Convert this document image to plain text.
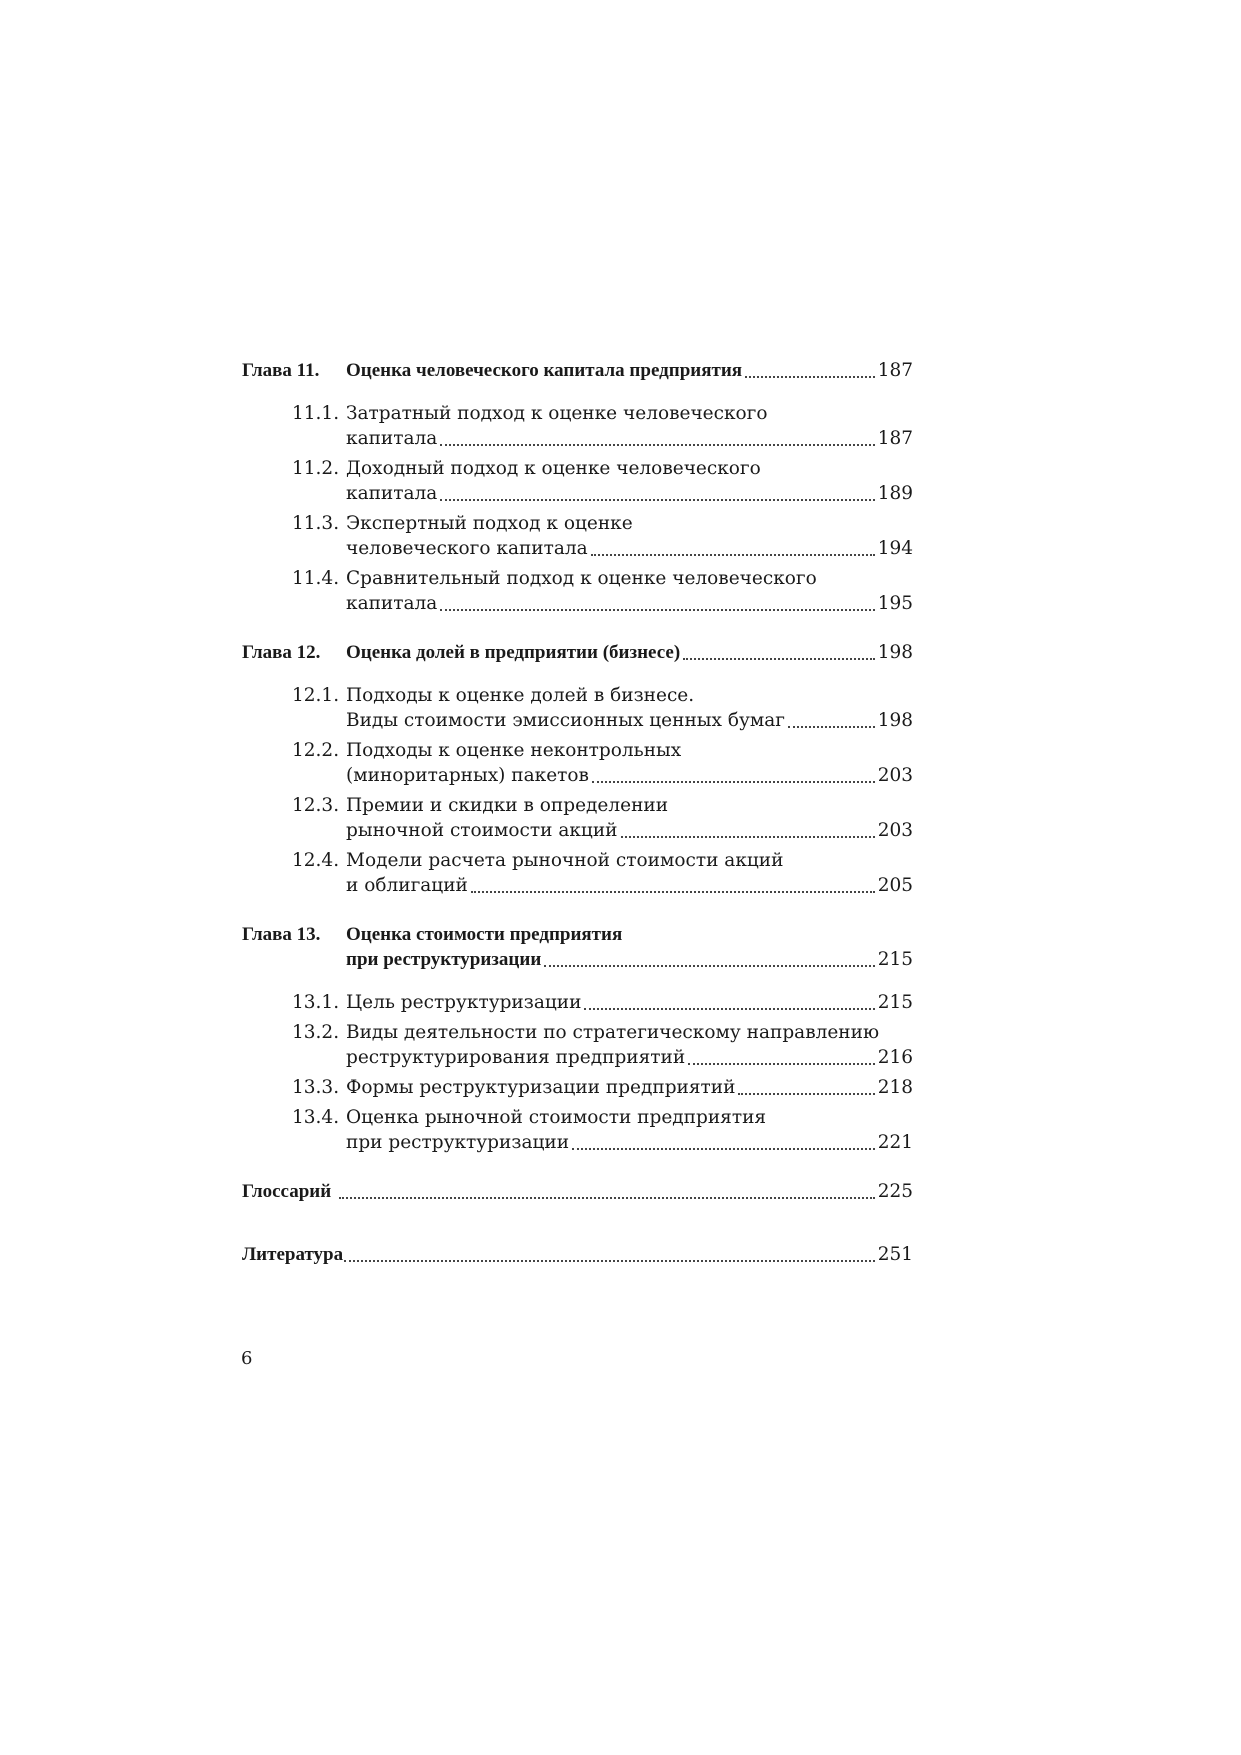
Глава 11. Оценка человеческого капитала предприятия	187
11.1. Затратный подход к оценке человеческого
капитала	187
11.2. Доходный подход к оценке человеческого
капитала	189
11.3. Экспертный подход к оценке
человеческого капитала	194
11.4. Сравнительный подход к оценке человеческого
капитала	195
Глава 12. Оценка долей в предприятии (бизнесе)	198
12.1. Подходы к оценке долей в бизнесе.
Виды стоимости эмиссионных ценных бумаг	198
12.2. Подходы к оценке неконтрольных
(миноритарных) пакетов	203
12.3. Премии и скидки в определении
рыночной стоимости акций	203
12.4. Модели расчета рыночной стоимости акций
и облигаций	205
Глава 13. Оценка стоимости предприятия
при реструктуризации	215
13.1. Цель реструктуризации	215
13.2. Виды деятельности по стратегическому направлению
реструктурирования предприятий	216
13.3. Формы реструктуризации предприятий	218
13.4. Оценка рыночной стоимости предприятия
при реструктуризации	221
Глоссарий	225
Литература	251
6
